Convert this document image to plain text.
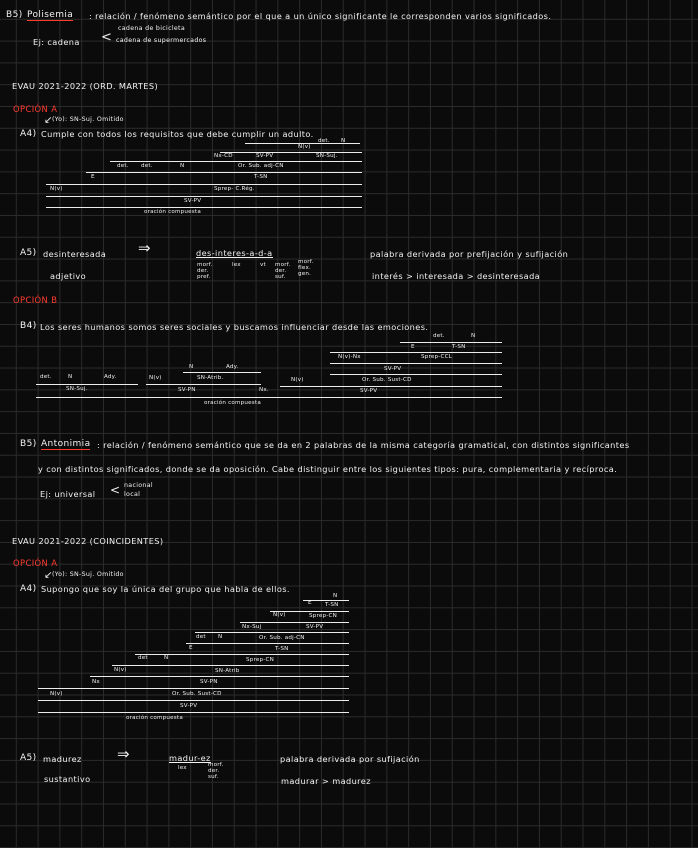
B5) Polisemia : relación / fenómeno semántico por el que a un único significante le corresponden varios significados.
cadena de bicicleta
Ej: cadena < cadena de supermercados
EVAU 2021-2022 (ORD. MARTES)
OPCIÓN A
(Yo): SN-Suj. Omitido
↙
A4) Cumple con todos los requisitos que debe cumplir un adulto.
N(v)
det. N
Nx-CD	SV-PV	SN-Suj.
det. det.	N	Or. Sub. adj-CN
E	T-SN
N(v)	Sprep- C.Rég.
SV-PV
oración compuesta
A5) desinteresada ⇒	des-interes-a-d-a
morf. der. pref.
lex	vt morf. der. suf.
morf. flex. gen.
palabra derivada por prefijación y sufijación
adjetivo	interés > interesada > desinteresada
OPCIÓN B
B4) Los seres humanos somos seres sociales y buscamos influenciar desde las emociones.
det.	N
E	T-SN
N(v)-Nx	Sprep-CCL
N	Ady.	SV-PV
det.	N	Ady.	N(v)	SN-Atrib.	N(v)	Or. Sub. Sust-CD
SN-Suj.	SV-PN	Nx.	SV-PV
oración compuesta
B5) Antonimia : relación / fenómeno semántico que se da en 2 palabras de la misma categoría gramatical, con distintos significantes
y con distintos significados, donde se da oposición. Cabe distinguir entre los siguientes tipos: pura, complementaria y recíproca.
nacional
Ej: universal < local
EVAU 2021-2022 (COINCIDENTES)
OPCIÓN A
(Yo): SN-Suj. Omitido
↙
A4) Supongo que soy la única del grupo que habla de ellos.
N
E T-SN
N(v)	Sprep-CN
Nx-Suj	SV-PV
det N	Or. Sub. adj-CN
E	T-SN
det	N	Sprep-CN
N(v)	SN-Atrib
Nx	SV-PN
N(v)	Or. Sub. Sust-CD
SV-PV
oración compuesta
A5) madurez ⇒	madur-ez
lex	morf. der. suf.
palabra derivada por sufijación
sustantivo	madurar > madurez
